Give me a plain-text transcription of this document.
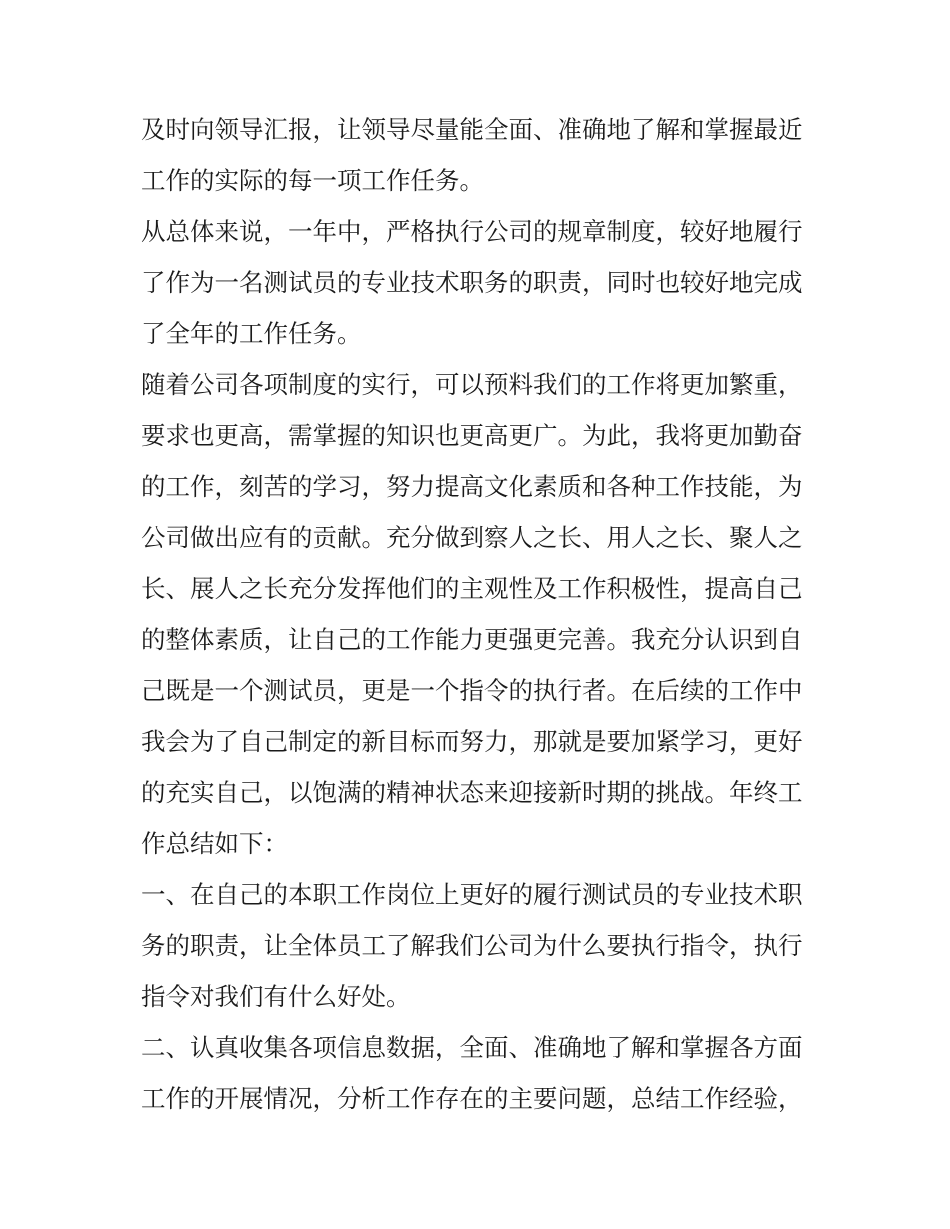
及时向领导汇报，让领导尽量能全面、准确地了解和掌握最近
工作的实际的每一项工作任务。
从总体来说，一年中，严格执行公司的规章制度，较好地履行
了作为一名测试员的专业技术职务的职责，同时也较好地完成
了全年的工作任务。
随着公司各项制度的实行，可以预料我们的工作将更加繁重，
要求也更高，需掌握的知识也更高更广。为此，我将更加勤奋
的工作，刻苦的学习，努力提高文化素质和各种工作技能，为
公司做出应有的贡献。充分做到察人之长、用人之长、聚人之
长、展人之长充分发挥他们的主观性及工作积极性，提高自己
的整体素质，让自己的工作能力更强更完善。我充分认识到自
己既是一个测试员，更是一个指令的执行者。在后续的工作中
我会为了自己制定的新目标而努力，那就是要加紧学习，更好
的充实自己，以饱满的精神状态来迎接新时期的挑战。年终工
作总结如下：
一、在自己的本职工作岗位上更好的履行测试员的专业技术职
务的职责，让全体员工了解我们公司为什么要执行指令，执行
指令对我们有什么好处。
二、认真收集各项信息数据，全面、准确地了解和掌握各方面
工作的开展情况，分析工作存在的主要问题，总结工作经验，
